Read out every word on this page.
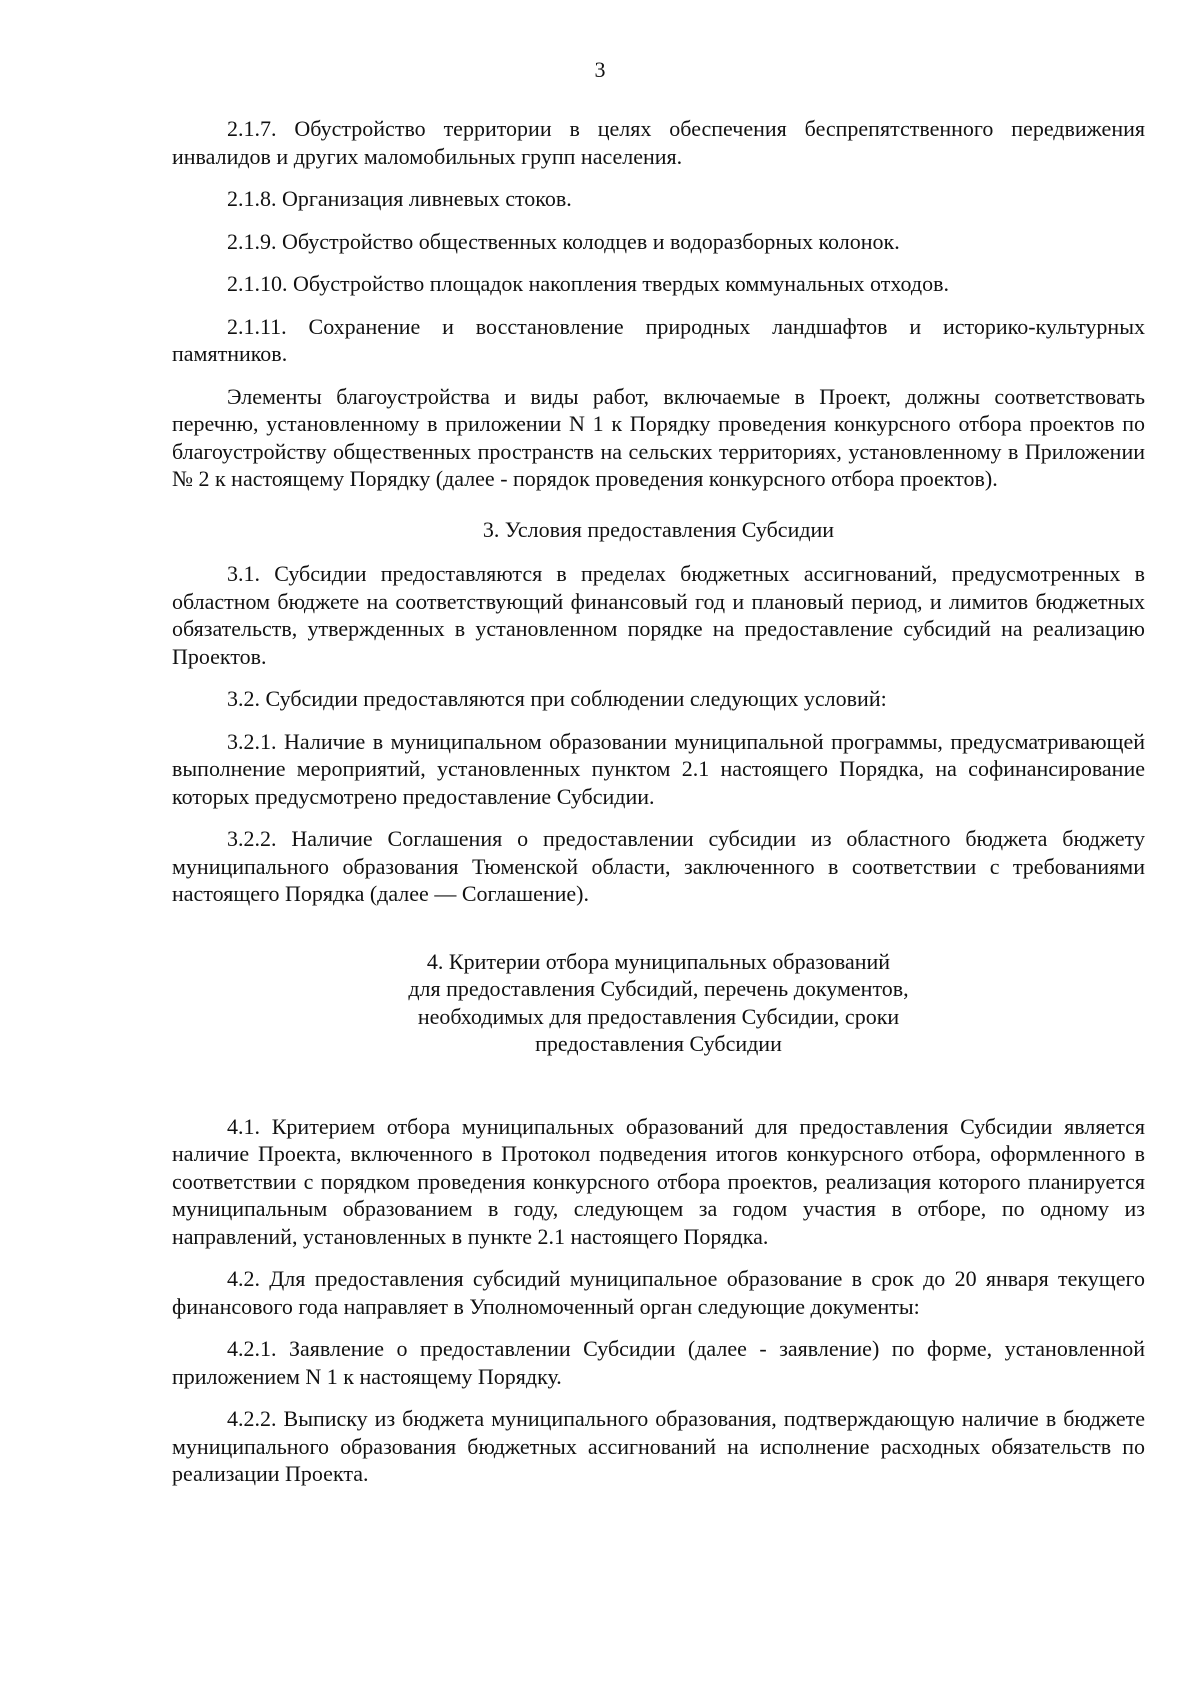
3

2.1.7. Обустройство территории в целях обеспечения беспрепятственного передвижения инвалидов и других маломобильных групп населения.

2.1.8. Организация ливневых стоков.

2.1.9. Обустройство общественных колодцев и водоразборных колонок.

2.1.10. Обустройство площадок накопления твердых коммунальных отходов.

2.1.11. Сохранение и восстановление природных ландшафтов и историко-культурных памятников.

Элементы благоустройства и виды работ, включаемые в Проект, должны соответствовать перечню, установленному в приложении N 1 к Порядку проведения конкурсного отбора проектов по благоустройству общественных пространств на сельских территориях, установленному в Приложении № 2 к настоящему Порядку (далее - порядок проведения конкурсного отбора проектов).

3. Условия предоставления Субсидии

3.1. Субсидии предоставляются в пределах бюджетных ассигнований, предусмотренных в областном бюджете на соответствующий финансовый год и плановый период, и лимитов бюджетных обязательств, утвержденных в установленном порядке на предоставление субсидий на реализацию Проектов.

3.2. Субсидии предоставляются при соблюдении следующих условий:

3.2.1. Наличие в муниципальном образовании муниципальной программы, предусматривающей выполнение мероприятий, установленных пунктом 2.1 настоящего Порядка, на софинансирование которых предусмотрено предоставление Субсидии.

3.2.2. Наличие Соглашения о предоставлении субсидии из областного бюджета бюджету муниципального образования Тюменской области, заключенного в соответствии с требованиями настоящего Порядка (далее — Соглашение).

4. Критерии отбора муниципальных образований
для предоставления Субсидий, перечень документов,
необходимых для предоставления Субсидии, сроки
предоставления Субсидии

4.1. Критерием отбора муниципальных образований для предоставления Субсидии является наличие Проекта, включенного в Протокол подведения итогов конкурсного отбора, оформленного в соответствии с порядком проведения конкурсного отбора проектов, реализация которого планируется муниципальным образованием в году, следующем за годом участия в отборе, по одному из направлений, установленных в пункте 2.1 настоящего Порядка.

4.2. Для предоставления субсидий муниципальное образование в срок до 20 января текущего финансового года направляет в Уполномоченный орган следующие документы:

4.2.1. Заявление о предоставлении Субсидии (далее - заявление) по форме, установленной приложением N 1 к настоящему Порядку.

4.2.2. Выписку из бюджета муниципального образования, подтверждающую наличие в бюджете муниципального образования бюджетных ассигнований на исполнение расходных обязательств по реализации Проекта.
